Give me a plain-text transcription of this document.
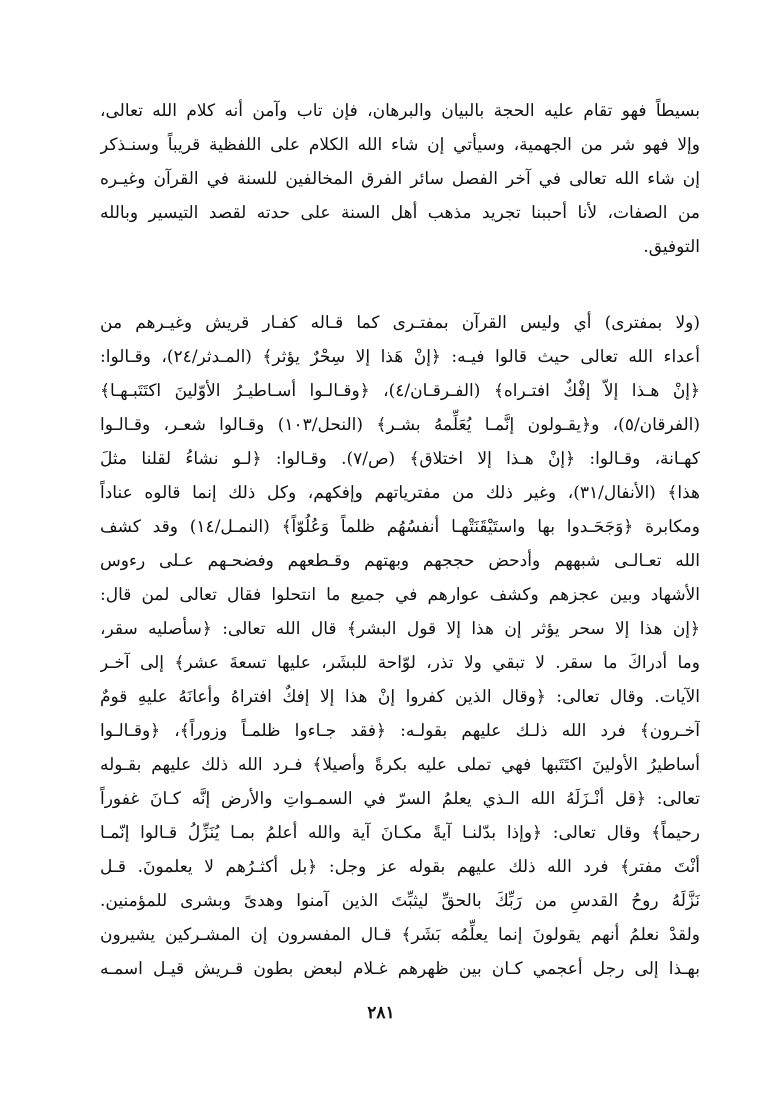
بسيطاً فهو تقام عليه الحجة بالبيان والبرهان، فإن تاب وآمن أنه كلام الله تعالى،
وإلا فهو شر من الجهمية، وسيأتي إن شاء الله الكلام على اللفظية قريباً وسنـذكر
إن شاء الله تعالى في آخر الفصل سائر الفرق المخالفين للسنة في القرآن وغيـره
من الصفات، لأنا أحببنا تجريد مذهب أهل السنة على حدته لقصد التيسير وبالله
التوفيق.
(ولا بمفترى) أي وليس القرآن بمفتـرى كما قـاله كفـار قريش وغيـرهم من
أعداء الله تعالى حيث قالوا فيـه: ﴿إنْ هَذا إلا سِحْرٌ يؤثر﴾ (المـدثر/٢٤)، وقـالوا:
﴿إنْ هـذا إلاّ إفْكٌ افتـراه﴾ (الفـرقـان/٤)، ﴿وقـالـوا أسـاطيـرُ الأوّلينَ اكتَتَبـهـا﴾
(الفرقان/٥)، و﴿يقـولون إنَّمـا يُعَلِّمهُ بشـر﴾ (النحل/١٠٣) وقـالوا شعـر، وقـالـوا
كهـانة، وقـالوا: ﴿إنْ هـذا إلا اختلاق﴾ (ص/٧). وقـالوا: ﴿لـو نشاءُ لقلنا مثلَ
هذا﴾ (الأنفال/٣١)، وغير ذلك من مفترياتهم وإفكهم، وكل ذلك إنما قالوه عناداً
ومكابرة ﴿وَجَحَـدوا بها واستَيْقَنَتْهـا أنفسُهُم ظلماً وَعُلُوّاً﴾ (النمـل/١٤) وقد كشف
الله تعـالـى شبههم وأدحض حججهم وبهتهم وقـطعهم وفضحـهم عـلى رءوس
الأشهاد وبين عجزهم وكشف عوارهم في جميع ما انتحلوا فقال تعالى لمن قال:
﴿إن هذا إلا سحر يؤثر إن هذا إلا قول البشر﴾ قال الله تعالى: ﴿سأصليه سقر،
وما أدراكَ ما سقر. لا تبقي ولا تذر، لوّاحة للبشَر، عليها تسعةَ عشر﴾ إلى آخـر
الآيات. وقال تعالى: ﴿وقال الذين كفروا إنْ هذا إلا إفكٌ افتراهُ وأعانَهُ عليهِ قومٌ
آخـرون﴾ فرد الله ذلـك عليهم بقولـه: ﴿فقد جـاءوا ظلمـاً وزوراً﴾، ﴿وقـالـوا
أساطيرُ الأولينَ اكتَتَبها فهي تملى عليه بكرةً وأصيلا﴾ فـرد الله ذلك عليهم بقـوله
تعالى: ﴿قل أنْـزَلَهُ الله الـذي يعلمُ السرّ في السمـواتِ والأرض إنَّه كـانَ غفوراً
رحيماً﴾ وقال تعالى: ﴿وإذا بدّلنـا آيةً مكـانَ آية والله أعلمُ بمـا يُنَزِّلُ قـالوا إنّمـا
أنْتَ مفتر﴾ فرد الله ذلك عليهم بقوله عز وجل: ﴿بل أكثـرُهم لا يعلمونَ. قـل
نَزَّلَهُ روحُ القدسِ من رَبِّكَ بالحقِّ ليثبِّتَ الذين آمنوا وهدىً وبشرى للمؤمنين.
ولقدْ نعلمُ أنهم يقولونَ إنما يعلِّمُه بَشَر﴾ قـال المفسرون إن المشـركين يشيرون
بهـذا إلى رجل أعجمي كـان بين ظهرهم غـلام لبعض بطون قـريش قيـل اسمـه
٢٨١
